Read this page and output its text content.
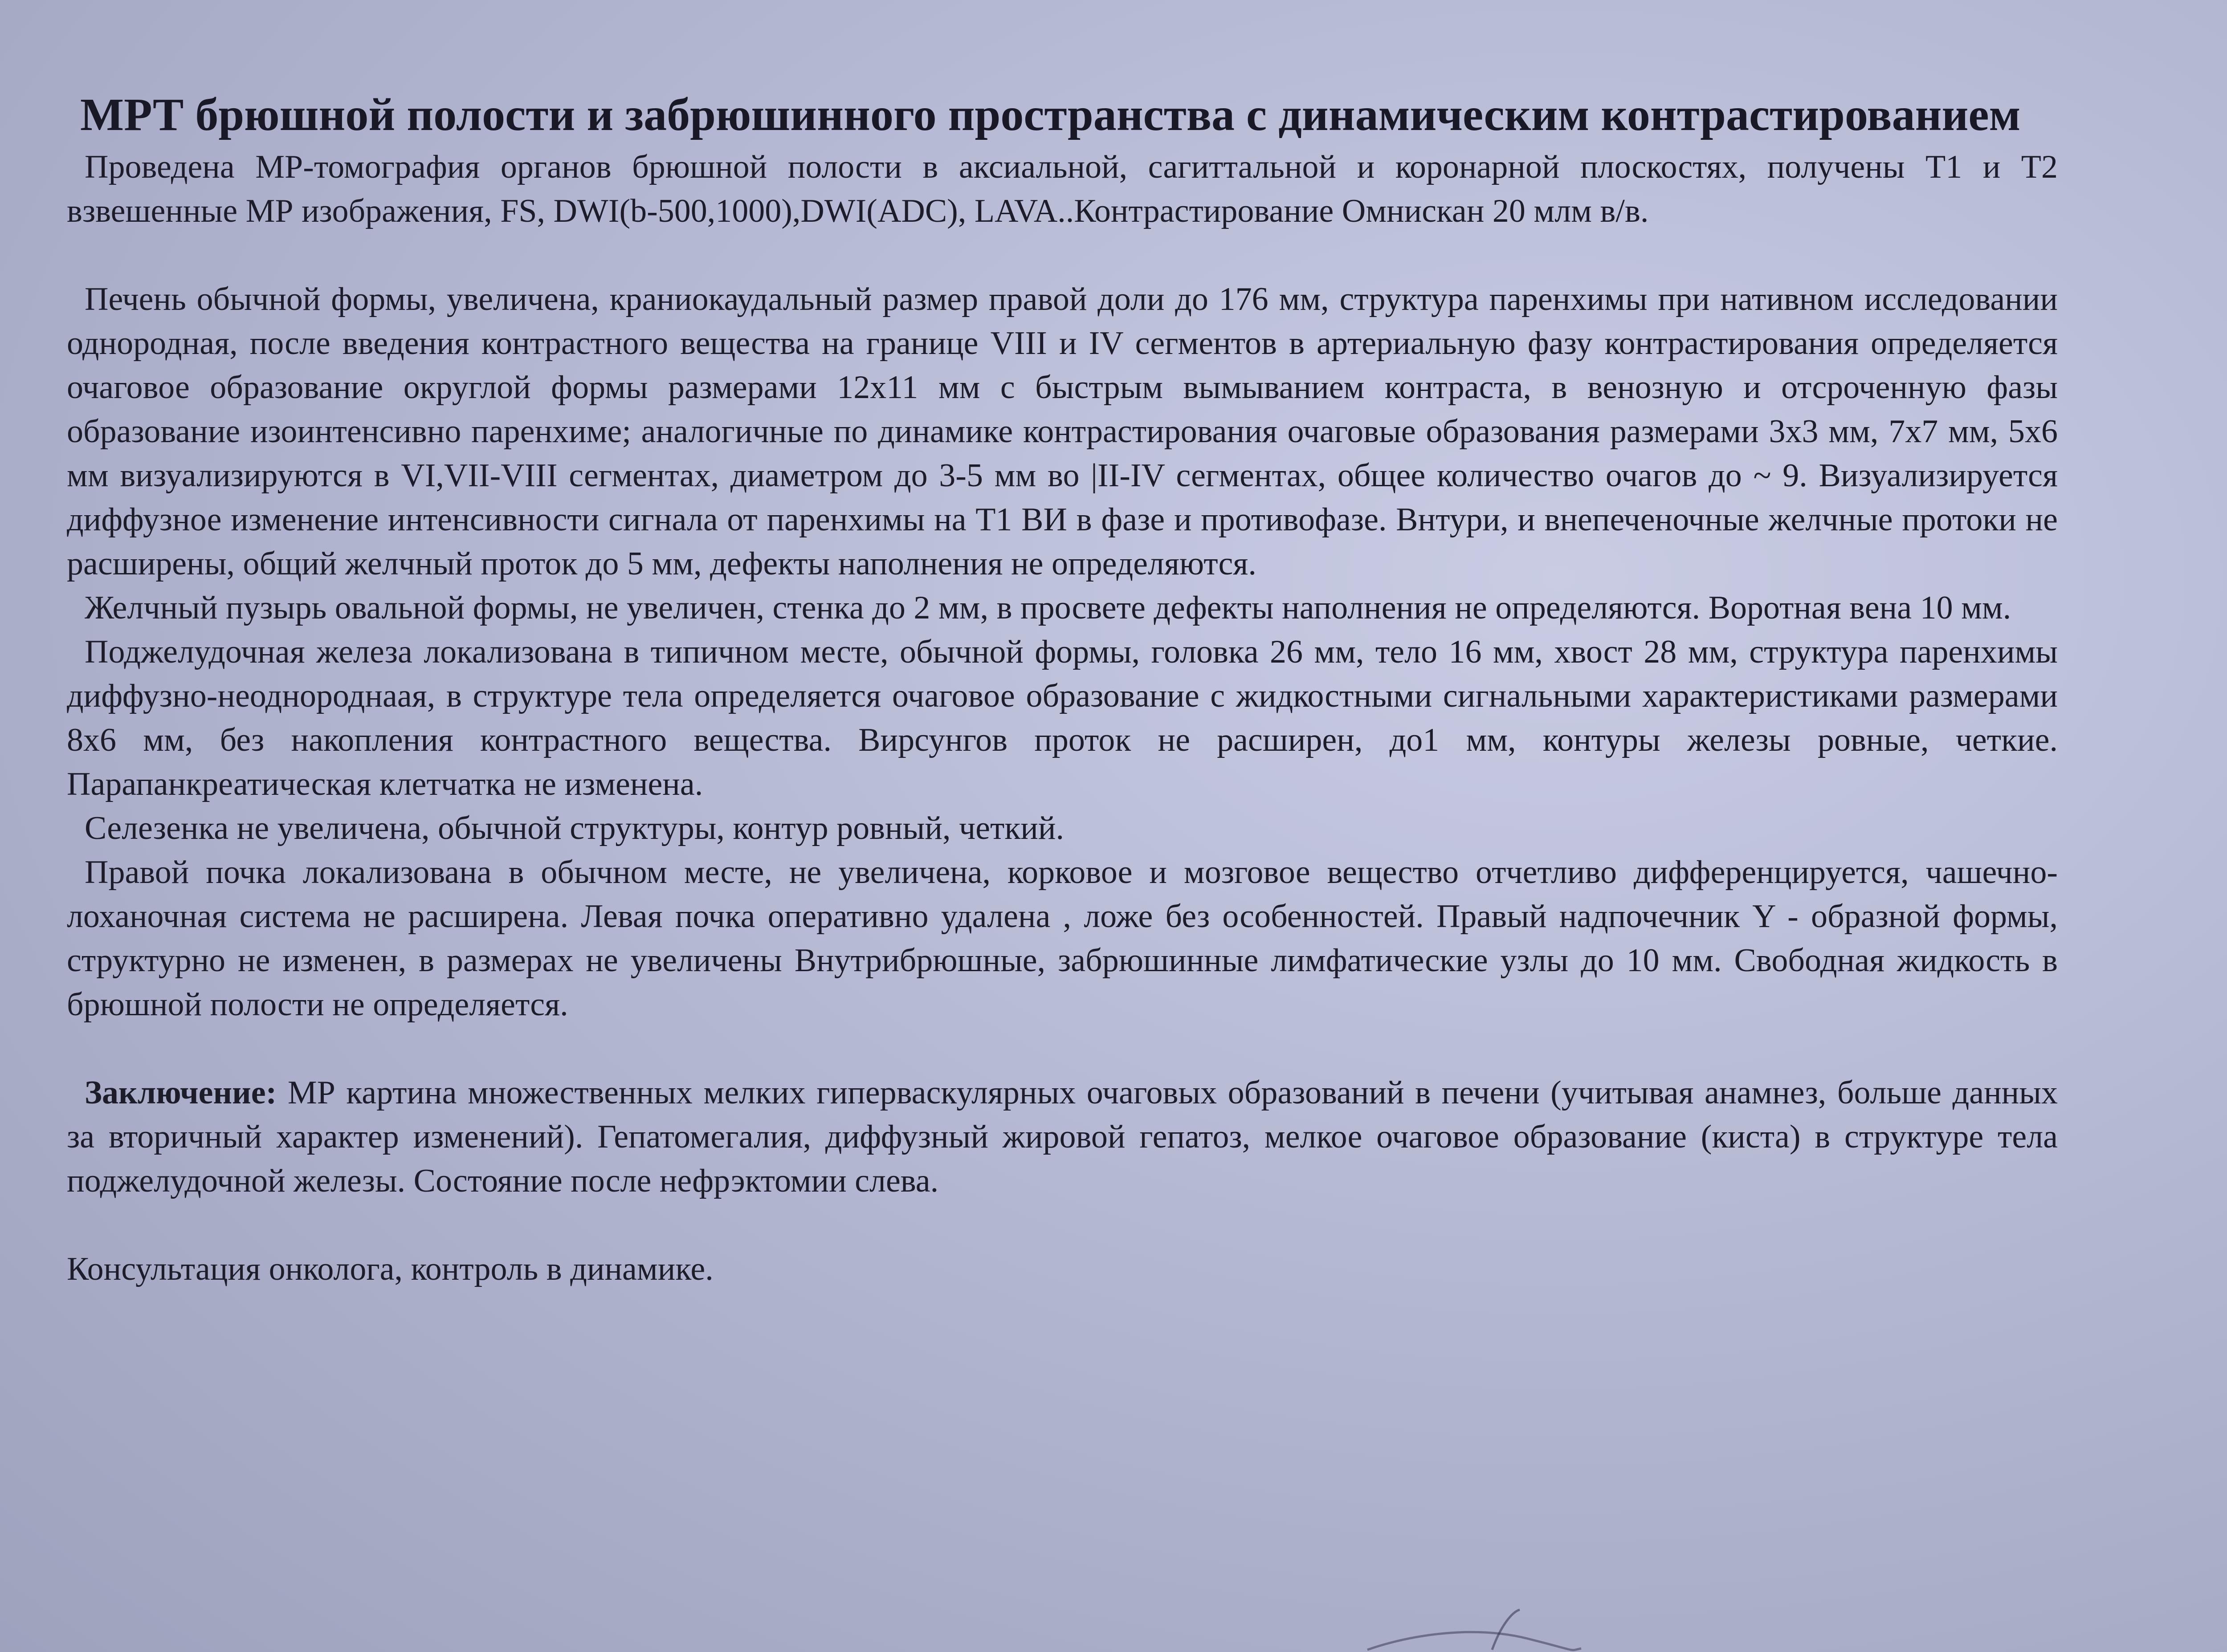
МРТ брюшной полости и забрюшинного пространства с динамическим контрастированием

Проведена МР-томография органов брюшной полости в аксиальной, сагиттальной и коронарной плоскостях, получены Т1 и Т2 взвешенные МР изображения, FS, DWI(b-500,1000),DWI(ADC), LAVA..Контрастирование Омнискан 20 млм в/в.

Печень обычной формы, увеличена, краниокаудальный размер правой доли до 176 мм, структура паренхимы при нативном исследовании однородная, после введения контрастного вещества на границе VIII и IV сегментов в артериальную фазу контрастирования определяется очаговое образование округлой формы размерами 12х11 мм с быстрым вымыванием контраста, в венозную и отсроченную фазы образование изоинтенсивно паренхиме; аналогичные по динамике контрастирования очаговые образования размерами 3х3 мм, 7х7 мм, 5х6 мм визуализируются в VI,VII-VIII сегментах, диаметром до 3-5 мм во |II-IV сегментах, общее количество очагов до ~ 9. Визуализируется диффузное изменение интенсивности сигнала от паренхимы на Т1 ВИ в фазе и противофазе. Внтури, и внепеченочные желчные протоки не расширены, общий желчный проток до 5 мм, дефекты наполнения не определяются.

Желчный пузырь овальной формы, не увеличен, стенка до 2 мм, в просвете дефекты наполнения не определяются. Воротная вена 10 мм.

Поджелудочная железа локализована в типичном месте, обычной формы, головка 26 мм, тело 16 мм, хвост 28 мм, структура паренхимы диффузно-неоднороднаая, в структуре тела определяется очаговое образование с жидкостными сигнальными характеристиками размерами 8х6 мм, без накопления контрастного вещества. Вирсунгов проток не расширен, до1 мм, контуры железы ровные, четкие. Парапанкреатическая клетчатка не изменена.

Селезенка не увеличена, обычной структуры, контур ровный, четкий.

Правой почка локализована в обычном месте, не увеличена, корковое и мозговое вещество отчетливо дифференцируется, чашечно-лоханочная система не расширена. Левая почка оперативно удалена , ложе без особенностей. Правый надпочечник Y - образной формы, структурно не изменен, в размерах не увеличены Внутрибрюшные, забрюшинные лимфатические узлы до 10 мм. Свободная жидкость в брюшной полости не определяется.

Заключение: МР картина множественных мелких гиперваскулярных очаговых образований в печени (учитывая анамнез, больше данных за вторичный характер изменений). Гепатомегалия, диффузный жировой гепатоз, мелкое очаговое образование (киста) в структуре тела поджелудочной железы. Состояние после нефрэктомии слева.

Консультация онколога, контроль в динамике.
